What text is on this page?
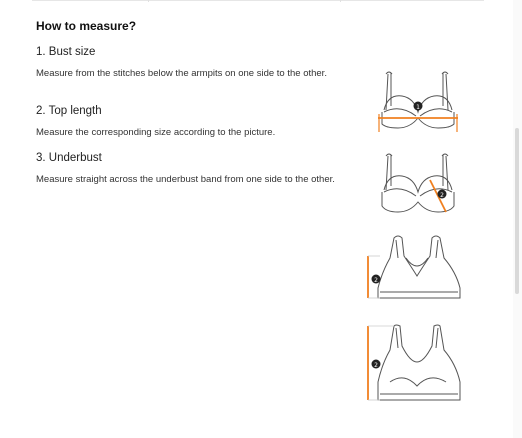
How to measure?
1. Bust size
Measure from the stitches below the armpits on one side to the other.
2. Top length
Measure the corresponding size according to the picture.
3. Underbust
Measure straight across the underbust band from one side to the other.
1
2
2
2
